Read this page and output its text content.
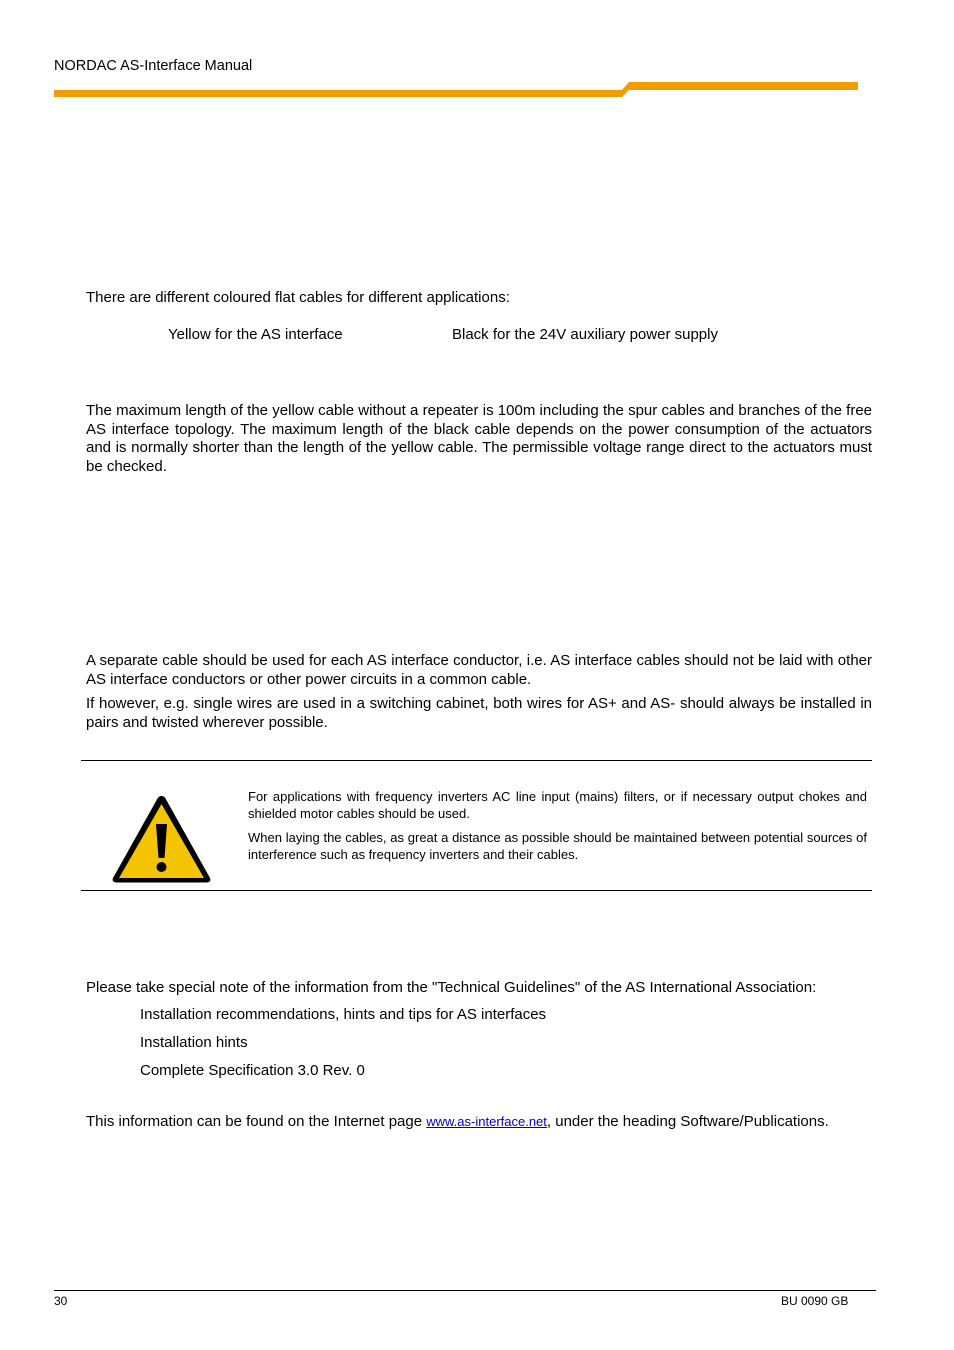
NORDAC AS-Interface Manual
There are different coloured flat cables for different applications:
Yellow for the AS interface	Black for the 24V auxiliary power supply
The maximum length of the yellow cable without a repeater is 100m including the spur cables and branches of the free AS interface topology. The maximum length of the black cable depends on the power consumption of the actuators and is normally shorter than the length of the yellow cable. The permissible voltage range direct to the actuators must be checked.
A separate cable should be used for each AS interface conductor, i.e. AS interface cables should not be laid with other AS interface conductors or other power circuits in a common cable.
If however, e.g. single wires are used in a switching cabinet, both wires for AS+ and AS- should always be installed in pairs and twisted wherever possible.
For applications with frequency inverters AC line input (mains) filters, or if necessary output chokes and shielded motor cables should be used.
When laying the cables, as great a distance as possible should be maintained between potential sources of interference such as frequency inverters and their cables.
Please take special note of the information from the "Technical Guidelines" of the AS International Association:
Installation recommendations, hints and tips for AS interfaces
Installation hints
Complete Specification 3.0 Rev. 0
This information can be found on the Internet page www.as-interface.net, under the heading Software/Publications.
30	BU 0090 GB
